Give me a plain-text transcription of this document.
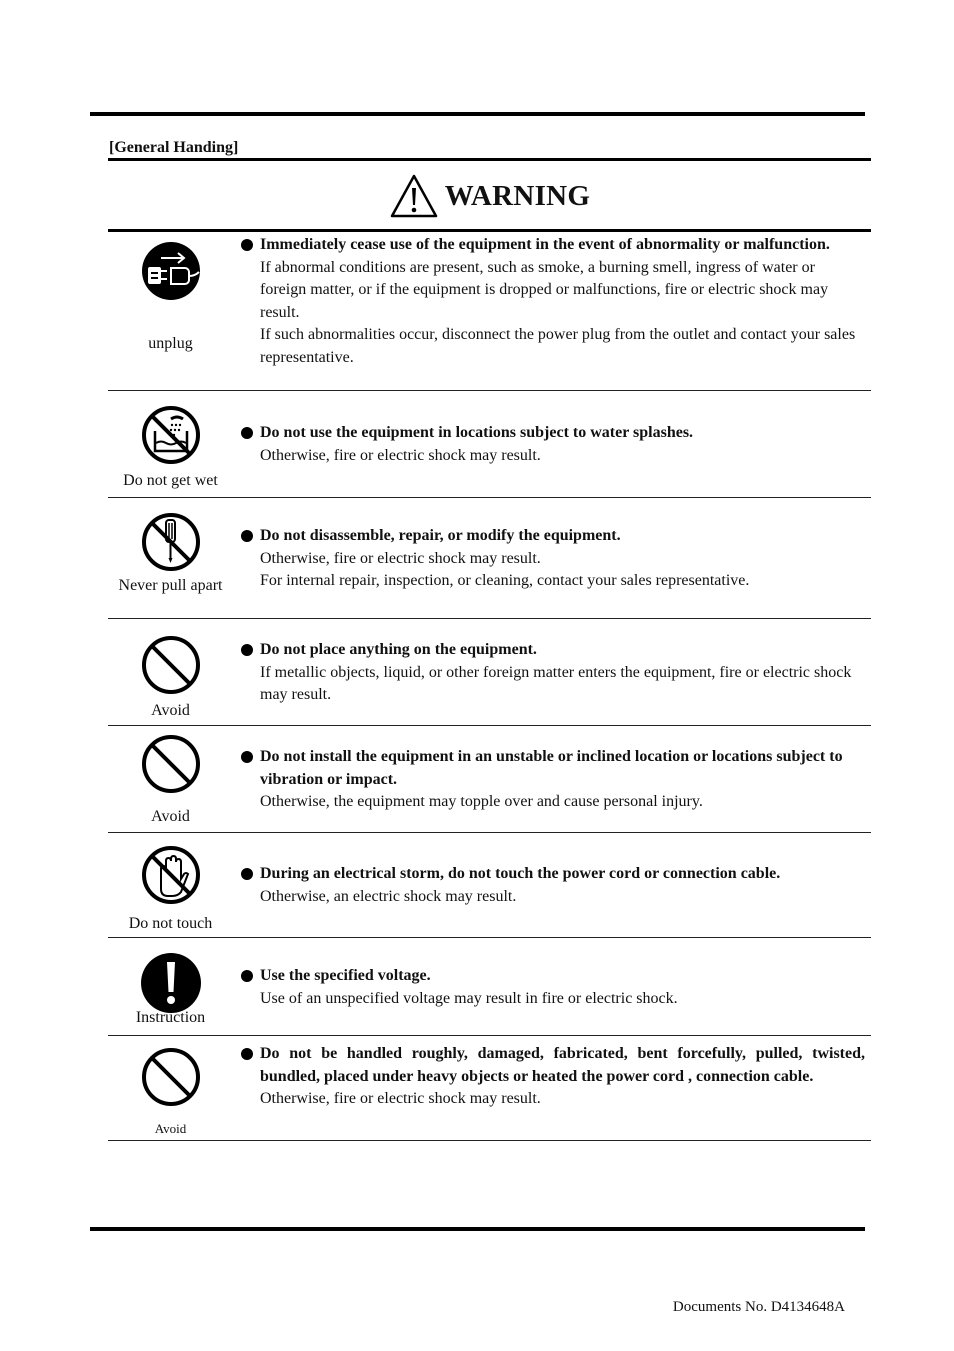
[General Handing]
WARNING
unplug
Immediately cease use of the equipment in the event of abnormality or malfunction.
If abnormal conditions are present, such as smoke, a burning smell, ingress of water or foreign matter, or if the equipment is dropped or malfunctions, fire or electric shock may result.
If such abnormalities occur, disconnect the power plug from the outlet and contact your sales representative.
Do not get wet
Do not use the equipment in locations subject to water splashes.
Otherwise, fire or electric shock may result.
Never pull apart
Do not disassemble, repair, or modify the equipment.
Otherwise, fire or electric shock may result.
For internal repair, inspection, or cleaning, contact your sales representative.
Avoid
Do not place anything on the equipment.
If metallic objects, liquid, or other foreign matter enters the equipment, fire or electric shock may result.
Avoid
Do not install the equipment in an unstable or inclined location or locations subject to vibration or impact.
Otherwise, the equipment may topple over and cause personal injury.
Do not touch
During an electrical storm, do not touch the power cord or connection cable.
Otherwise, an electric shock may result.
Instruction
Use the specified voltage.
Use of an unspecified voltage may result in fire or electric shock.
Avoid
Do not be handled roughly, damaged, fabricated, bent forcefully, pulled, twisted, bundled, placed under heavy objects or heated the power cord , connection cable.
Otherwise, fire or electric shock may result.
Documents No. D4134648A
